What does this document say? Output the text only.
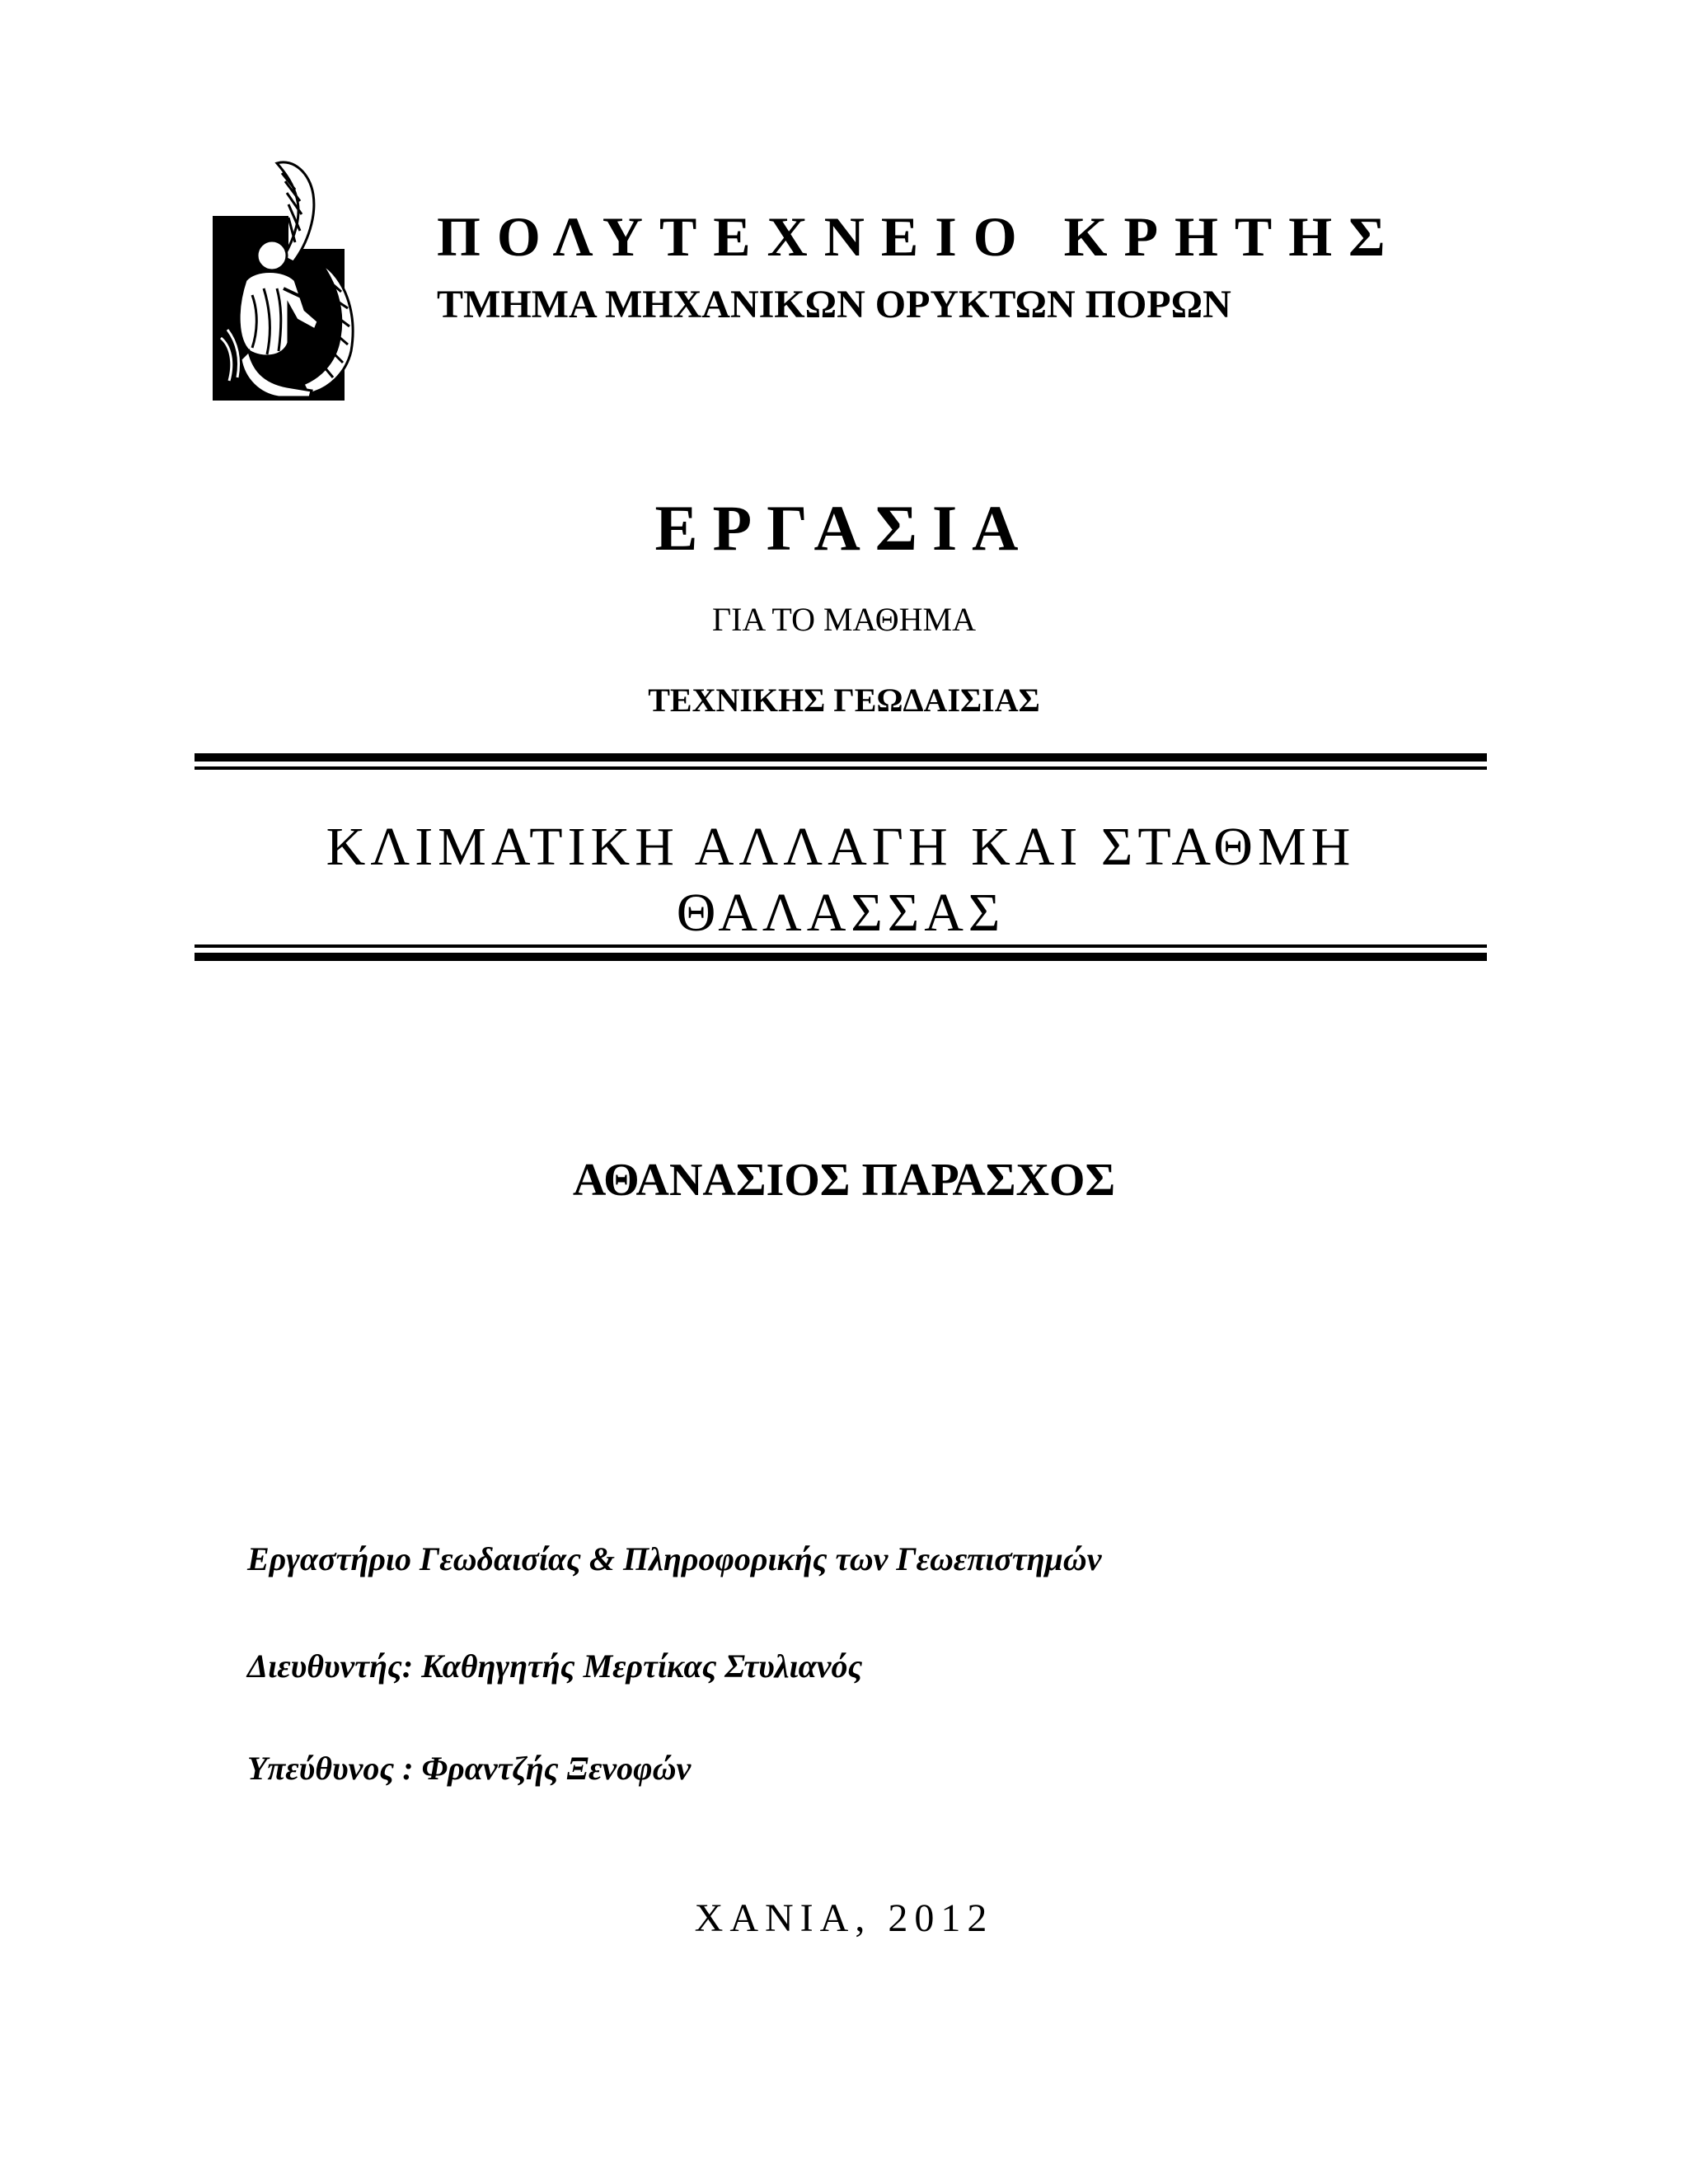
ΠΟΛΥΤΕΧΝΕΙΟ ΚΡΗΤΗΣ
ΤΜΗΜΑ ΜΗΧΑΝΙΚΩΝ ΟΡΥΚΤΩΝ ΠΟΡΩΝ
ΕΡΓΑΣΙΑ
ΓΙΑ ΤΟ ΜΑΘΗΜΑ
ΤΕΧΝΙΚΗΣ ΓΕΩΔΑΙΣΙΑΣ
ΚΛΙΜΑΤΙΚΗ ΑΛΛΑΓΗ ΚΑΙ ΣΤΑΘΜΗ
ΘΑΛΑΣΣΑΣ
ΑΘΑΝΑΣΙΟΣ ΠΑΡΑΣΧΟΣ
Εργαστήριο Γεωδαισίας & Πληροφορικής των Γεωεπιστημών
Διευθυντής: Καθηγητής Μερτίκας Στυλιανός
Υπεύθυνος : Φραντζής Ξενοφών
ΧΑΝΙΑ, 2012
